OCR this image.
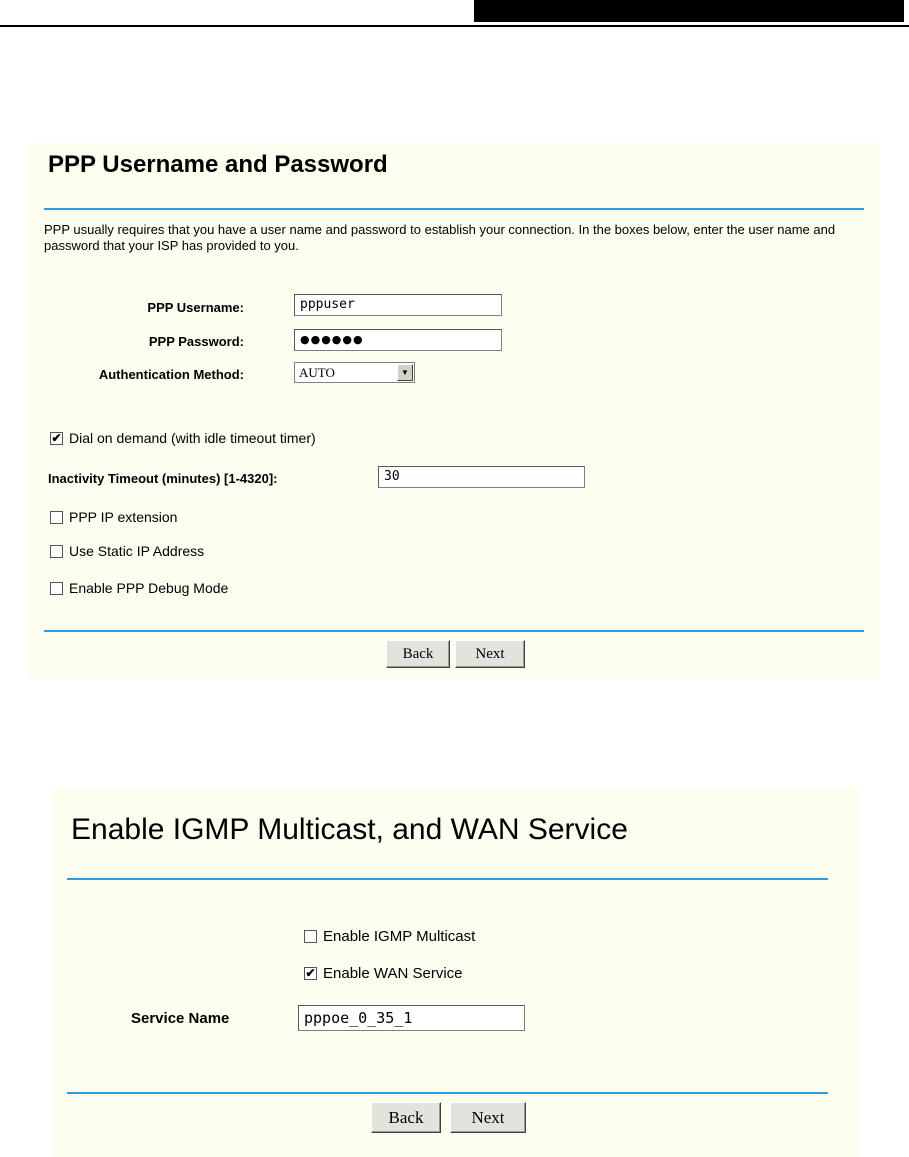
PPP Username and Password
PPP usually requires that you have a user name and password to establish your connection. In the boxes below, enter the user name and password that your ISP has provided to you.
PPP Username:	pppuser
PPP Password:	●●●●●●
Authentication Method:	AUTO	▼
✔ Dial on demand (with idle timeout timer)
Inactivity Timeout (minutes) [1-4320]:	30
PPP IP extension
Use Static IP Address
Enable PPP Debug Mode
Back	Next
Enable IGMP Multicast, and WAN Service
Enable IGMP Multicast
✔ Enable WAN Service
Service Name	pppoe_0_35_1
Back	Next
